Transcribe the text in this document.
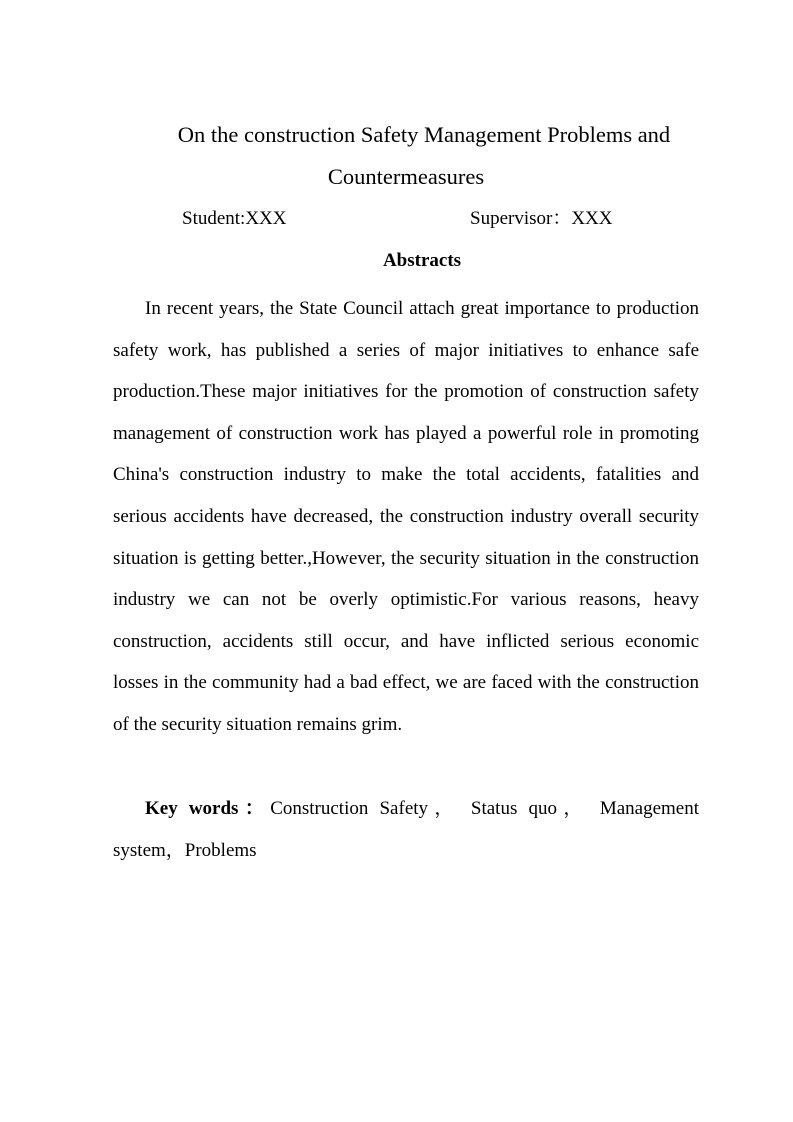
On the construction Safety Management Problems and
Countermeasures
Student:XXX	Supervisor：XXX
Abstracts

In recent years, the State Council attach great importance to production safety work, has published a series of major initiatives to enhance safe production.These major initiatives for the promotion of construction safety management of construction work has played a powerful role in promoting China's construction industry to make the total accidents, fatalities and serious accidents have decreased, the construction industry overall security situation is getting better.,However, the security situation in the construction industry we can not be overly optimistic.For various reasons, heavy construction, accidents still occur, and have inflicted serious economic losses in the community had a bad effect, we are faced with the construction of the security situation remains grim.

Key words：Construction Safety， Status quo， Management system，Problems
